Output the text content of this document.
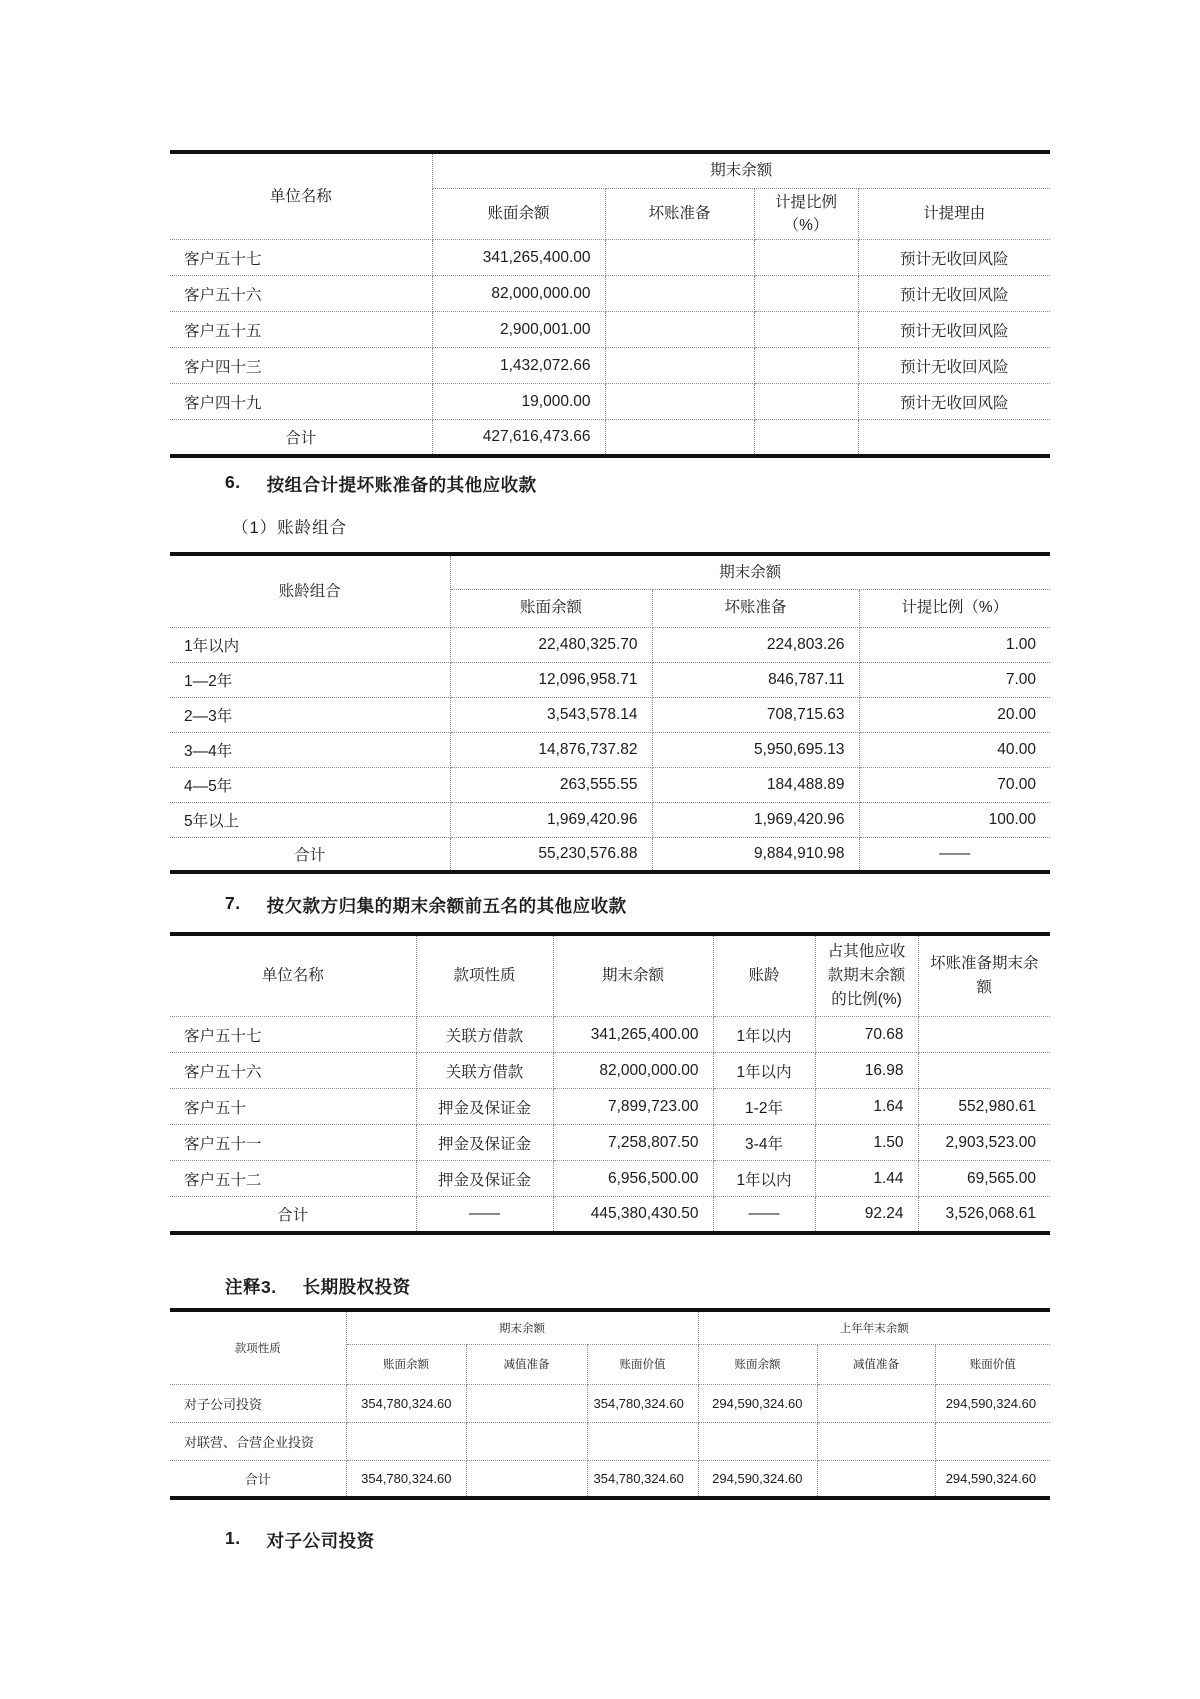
单位名称	期末余额			
	账面余额	坏账准备	计提比例（%）	计提理由
客户五十七	341,265,400.00			预计无收回风险
客户五十六	82,000,000.00			预计无收回风险
客户五十五	2,900,001.00			预计无收回风险
客户四十三	1,432,072.66			预计无收回风险
客户四十九	19,000.00			预计无收回风险
合计	427,616,473.66			
6. 按组合计提坏账准备的其他应收款
（1）账龄组合
账龄组合	期末余额		
	账面余额	坏账准备	计提比例（%）
1年以内	22,480,325.70	224,803.26	1.00
1—2年	12,096,958.71	846,787.11	7.00
2—3年	3,543,578.14	708,715.63	20.00
3—4年	14,876,737.82	5,950,695.13	40.00
4—5年	263,555.55	184,488.89	70.00
5年以上	1,969,420.96	1,969,420.96	100.00
合计	55,230,576.88	9,884,910.98	——
7. 按欠款方归集的期末余额前五名的其他应收款
单位名称	款项性质	期末余额	账龄	占其他应收款期末余额的比例(%)	坏账准备期末余额
客户五十七	关联方借款	341,265,400.00	1年以内	70.68	
客户五十六	关联方借款	82,000,000.00	1年以内	16.98	
客户五十	押金及保证金	7,899,723.00	1-2年	1.64	552,980.61
客户五十一	押金及保证金	7,258,807.50	3-4年	1.50	2,903,523.00
客户五十二	押金及保证金	6,956,500.00	1年以内	1.44	69,565.00
合计	——	445,380,430.50	——	92.24	3,526,068.61
注释3. 长期股权投资
款项性质	期末余额			上年年末余额		
	账面余额	减值准备	账面价值	账面余额	减值准备	账面价值
对子公司投资	354,780,324.60		354,780,324.60	294,590,324.60		294,590,324.60
对联营、合营企业投资						
合计	354,780,324.60		354,780,324.60	294,590,324.60		294,590,324.60
1. 对子公司投资
